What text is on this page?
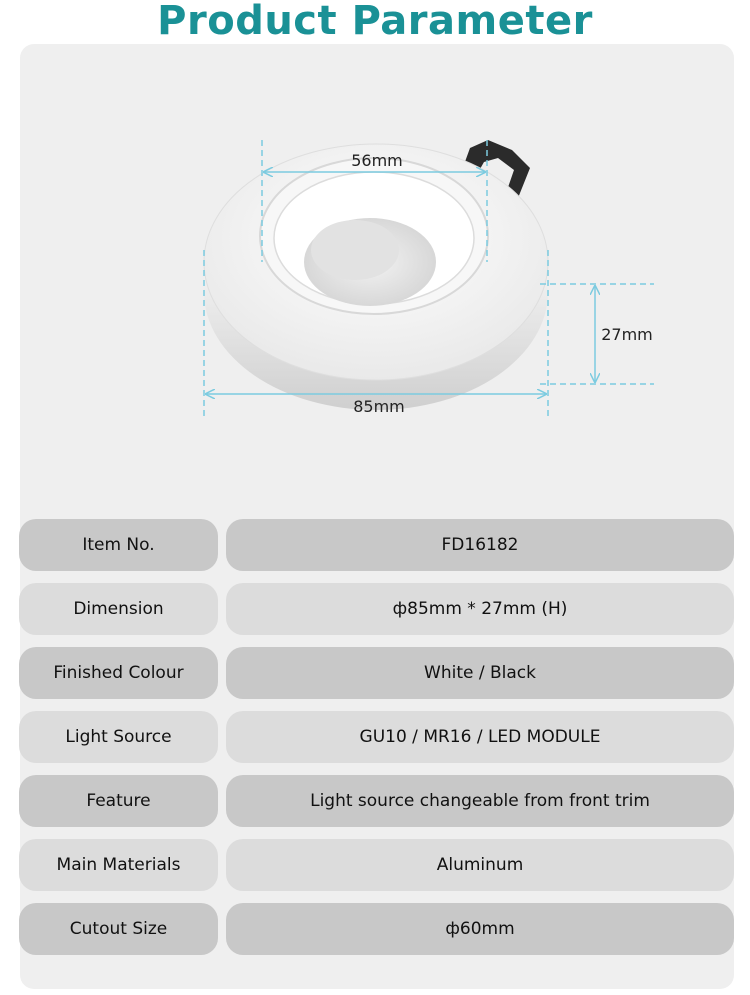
Product Parameter
56mm
27mm
85mm
Item No.	FD16182
Dimension	ф85mm * 27mm (H)
Finished Colour	White / Black
Light Source	GU10 / MR16 / LED MODULE
Feature	Light source changeable from front trim
Main Materials	Aluminum
Cutout Size	ф60mm
